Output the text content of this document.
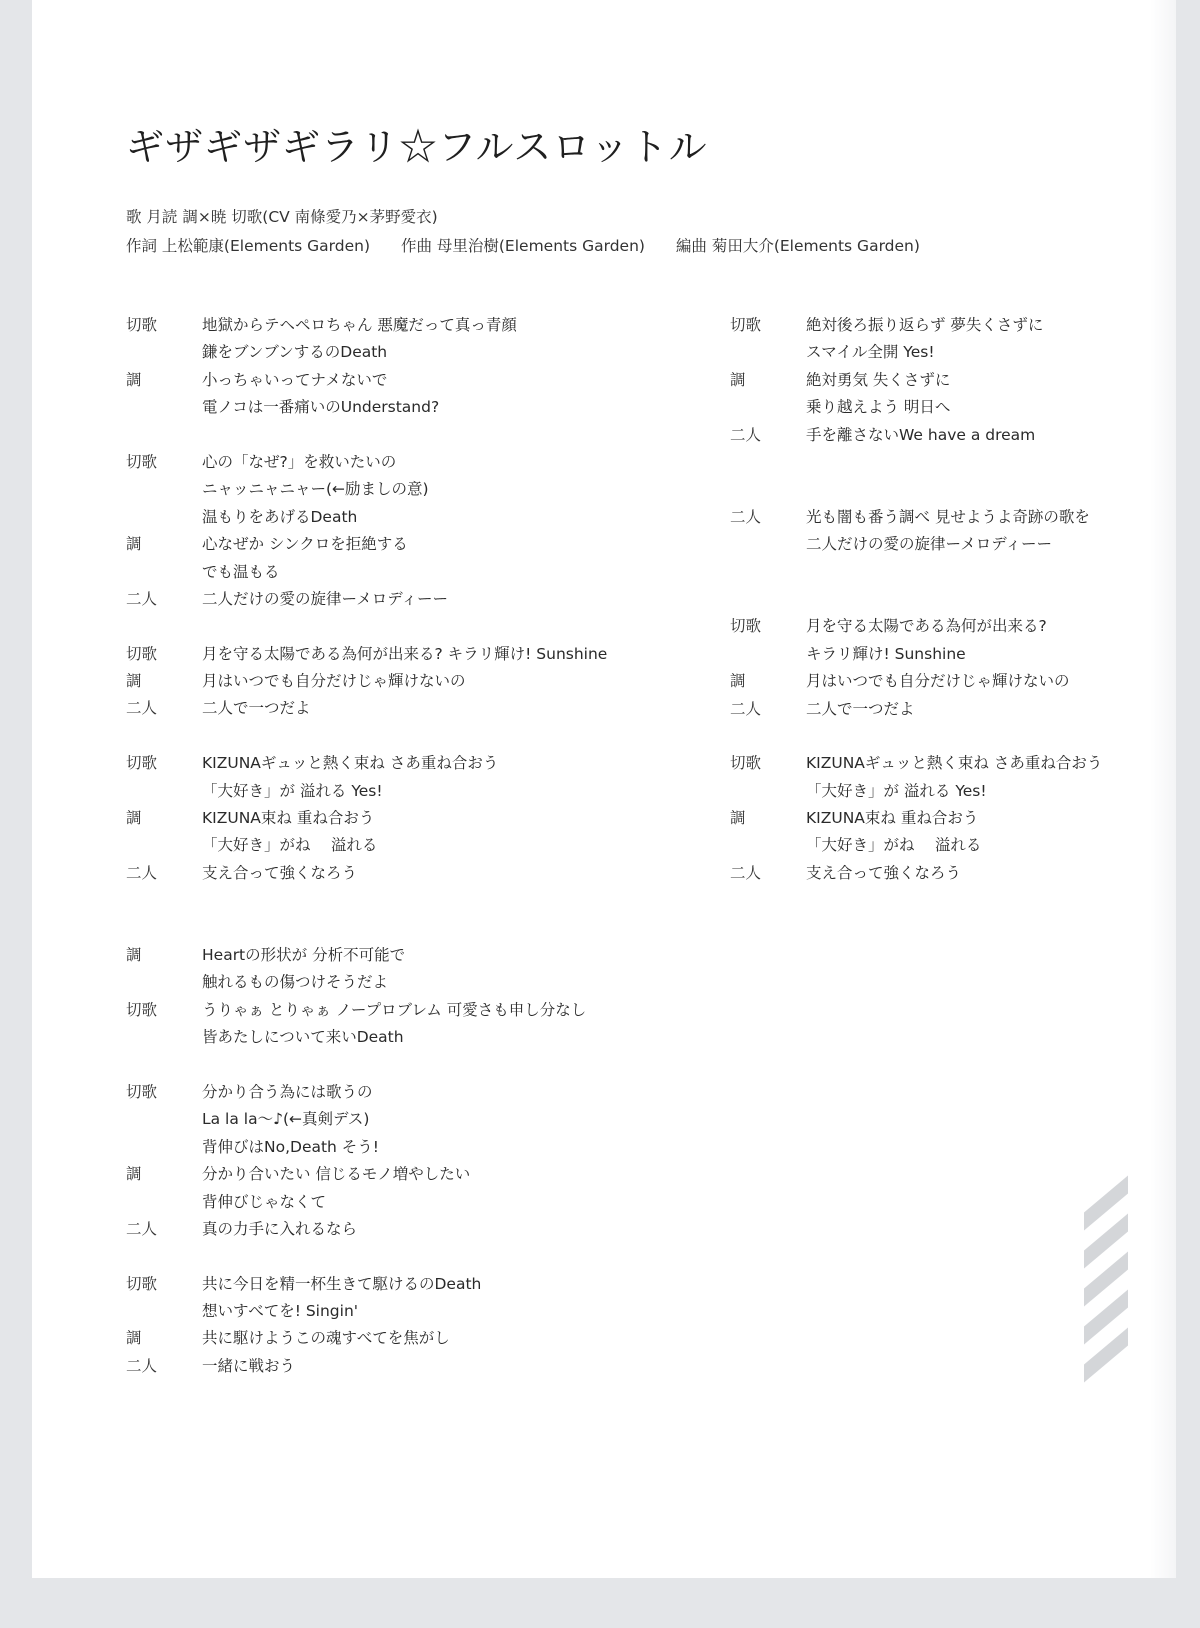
ギザギザギラリ☆フルスロットル

歌 月読 調×暁 切歌(CV 南條愛乃×茅野愛衣)

作詞 上松範康(Elements Garden) 作曲 母里治樹(Elements Garden) 編曲 菊田大介(Elements Garden)

切歌	地獄からテヘペロちゃん 悪魔だって真っ青顔
鎌をブンブンするのDeath
調	小っちゃいってナメないで
電ノコは一番痛いのUnderstand?
切歌	心の「なぜ?」を救いたいの
ニャッニャニャー(←励ましの意)
温もりをあげるDeath
調	心なぜか シンクロを拒絶する
でも温もる
二人	二人だけの愛の旋律ーメロディーー
切歌	月を守る太陽である為何が出来る? キラリ輝け! Sunshine
調	月はいつでも自分だけじゃ輝けないの
二人	二人で一つだよ
切歌	KIZUNAギュッと熱く束ね さあ重ね合おう
「大好き」が 溢れる Yes!
調	KIZUNA束ね 重ね合おう
「大好き」がね　 溢れる
二人	支え合って強くなろう
調	Heartの形状が 分析不可能で
触れるもの傷つけそうだよ
切歌	うりゃぁ とりゃぁ ノープロブレム 可愛さも申し分なし
皆あたしについて来いDeath
切歌	分かり合う為には歌うの
La la la～♪(←真剣デス)
背伸びはNo,Death そう!
調	分かり合いたい 信じるモノ増やしたい
背伸びじゃなくて
二人	真の力手に入れるなら
切歌	共に今日を精一杯生きて駆けるのDeath
想いすべてを! Singin'
調	共に駆けようこの魂すべてを焦がし
二人	一緒に戦おう
切歌	絶対後ろ振り返らず 夢失くさずに
スマイル全開 Yes!
調	絶対勇気 失くさずに
乗り越えよう 明日へ
二人	手を離さないWe have a dream
二人	光も闇も番う調べ 見せようよ奇跡の歌を
二人だけの愛の旋律ーメロディーー
切歌	月を守る太陽である為何が出来る?
キラリ輝け! Sunshine
調	月はいつでも自分だけじゃ輝けないの
二人	二人で一つだよ
切歌	KIZUNAギュッと熱く束ね さあ重ね合おう
「大好き」が 溢れる Yes!
調	KIZUNA束ね 重ね合おう
「大好き」がね　 溢れる
二人	支え合って強くなろう
